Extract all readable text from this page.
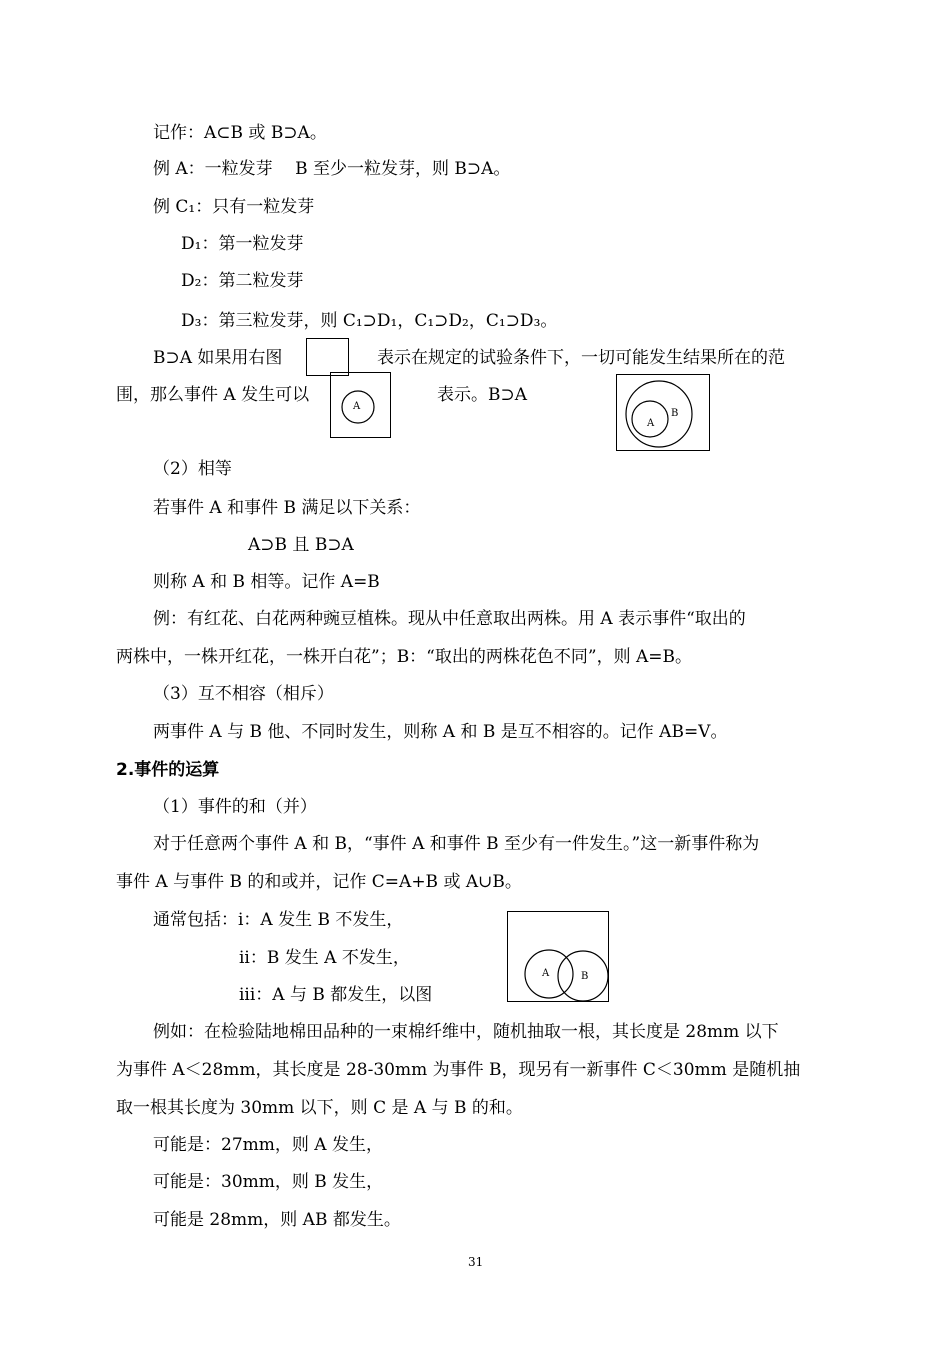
记作：A⊂B 或 B⊃A。
例 A：一粒发芽　 B 至少一粒发芽，则 B⊃A。
例 C₁：只有一粒发芽
D₁：第一粒发芽
D₂：第二粒发芽
D₃：第三粒发芽，则 C₁⊃D₁，C₁⊃D₂，C₁⊃D₃。
B⊃A 如果用右图	表示在规定的试验条件下，一切可能发生结果所在的范
围，那么事件 A 发生可以	表示。B⊃A
A
A
B
（2）相等
若事件 A 和事件 B 满足以下关系：
A⊃B 且 B⊃A
则称 A 和 B 相等。记作 A=B
例：有红花、白花两种豌豆植株。现从中任意取出两株。用 A 表示事件“取出的
两株中，一株开红花，一株开白花”；B：“取出的两株花色不同”，则 A=B。
（3）互不相容（相斥）
两事件 A 与 B 他、不同时发生，则称 A 和 B 是互不相容的。记作 AB=V。
2.事件的运算
（1）事件的和（并）
对于任意两个事件 A 和 B，“事件 A 和事件 B 至少有一件发生。”这一新事件称为
事件 A 与事件 B 的和或并，记作 C=A+B 或 A∪B。
通常包括：i：A 发生 B 不发生，
ii：B 发生 A 不发生，
iii：A 与 B 都发生，以图
A	B
例如：在检验陆地棉田品种的一束棉纤维中，随机抽取一根，其长度是 28mm 以下
为事件 A＜28mm，其长度是 28-30mm 为事件 B，现另有一新事件 C＜30mm 是随机抽
取一根其长度为 30mm 以下，则 C 是 A 与 B 的和。
可能是：27mm，则 A 发生，
可能是：30mm，则 B 发生，
可能是 28mm，则 AB 都发生。
31
